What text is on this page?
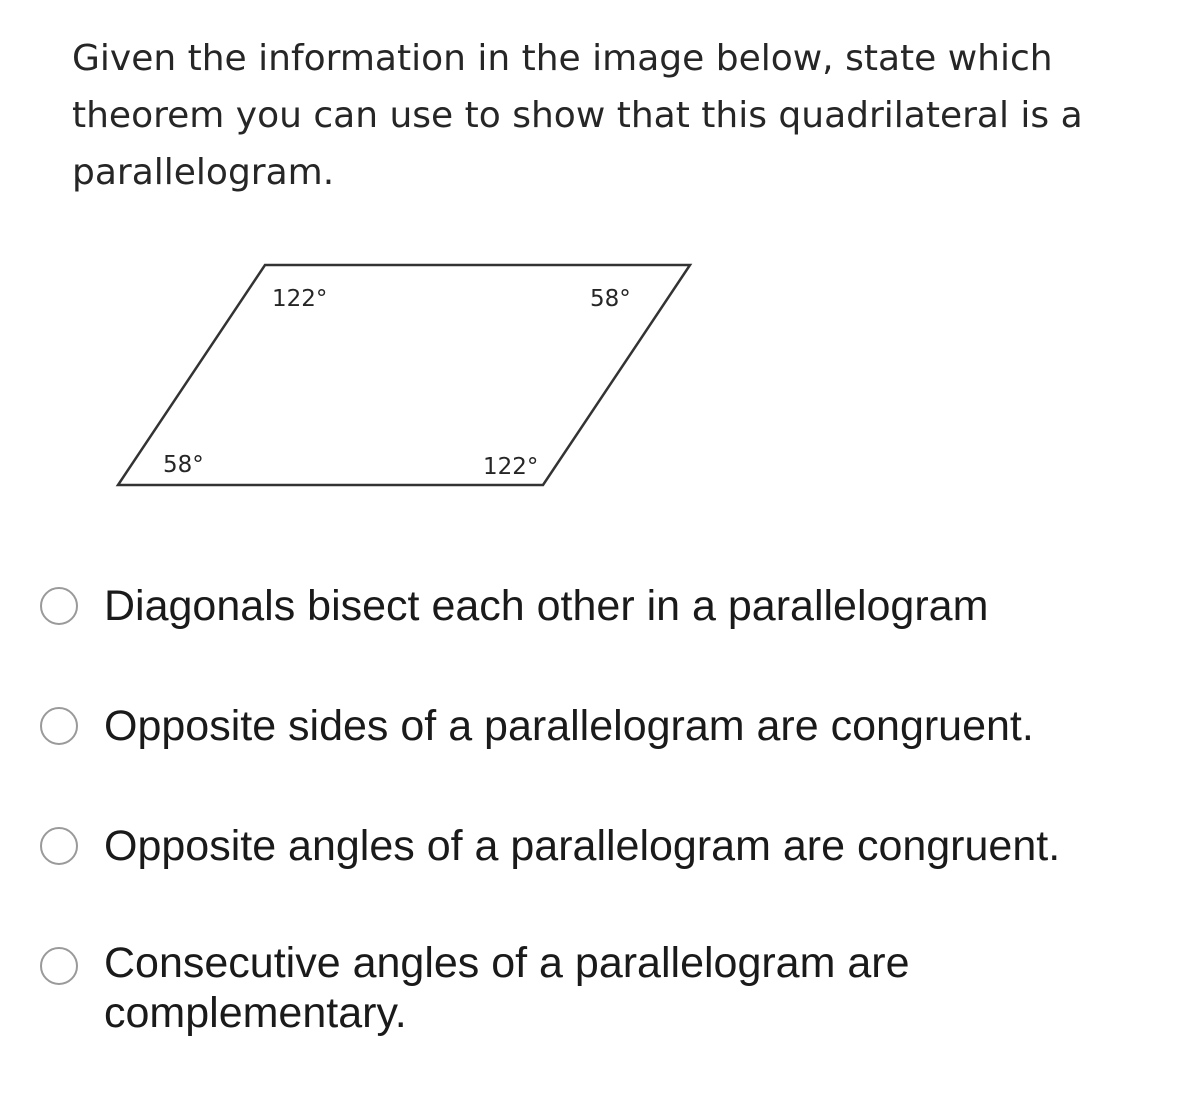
Given the information in the image below, state which theorem you can use to show that this quadrilateral is a parallelogram.

122°	58°
58°	122°
Diagonals bisect each other in a parallelogram
Opposite sides of a parallelogram are congruent.
Opposite angles of a parallelogram are congruent.
Consecutive angles of a parallelogram are complementary.
